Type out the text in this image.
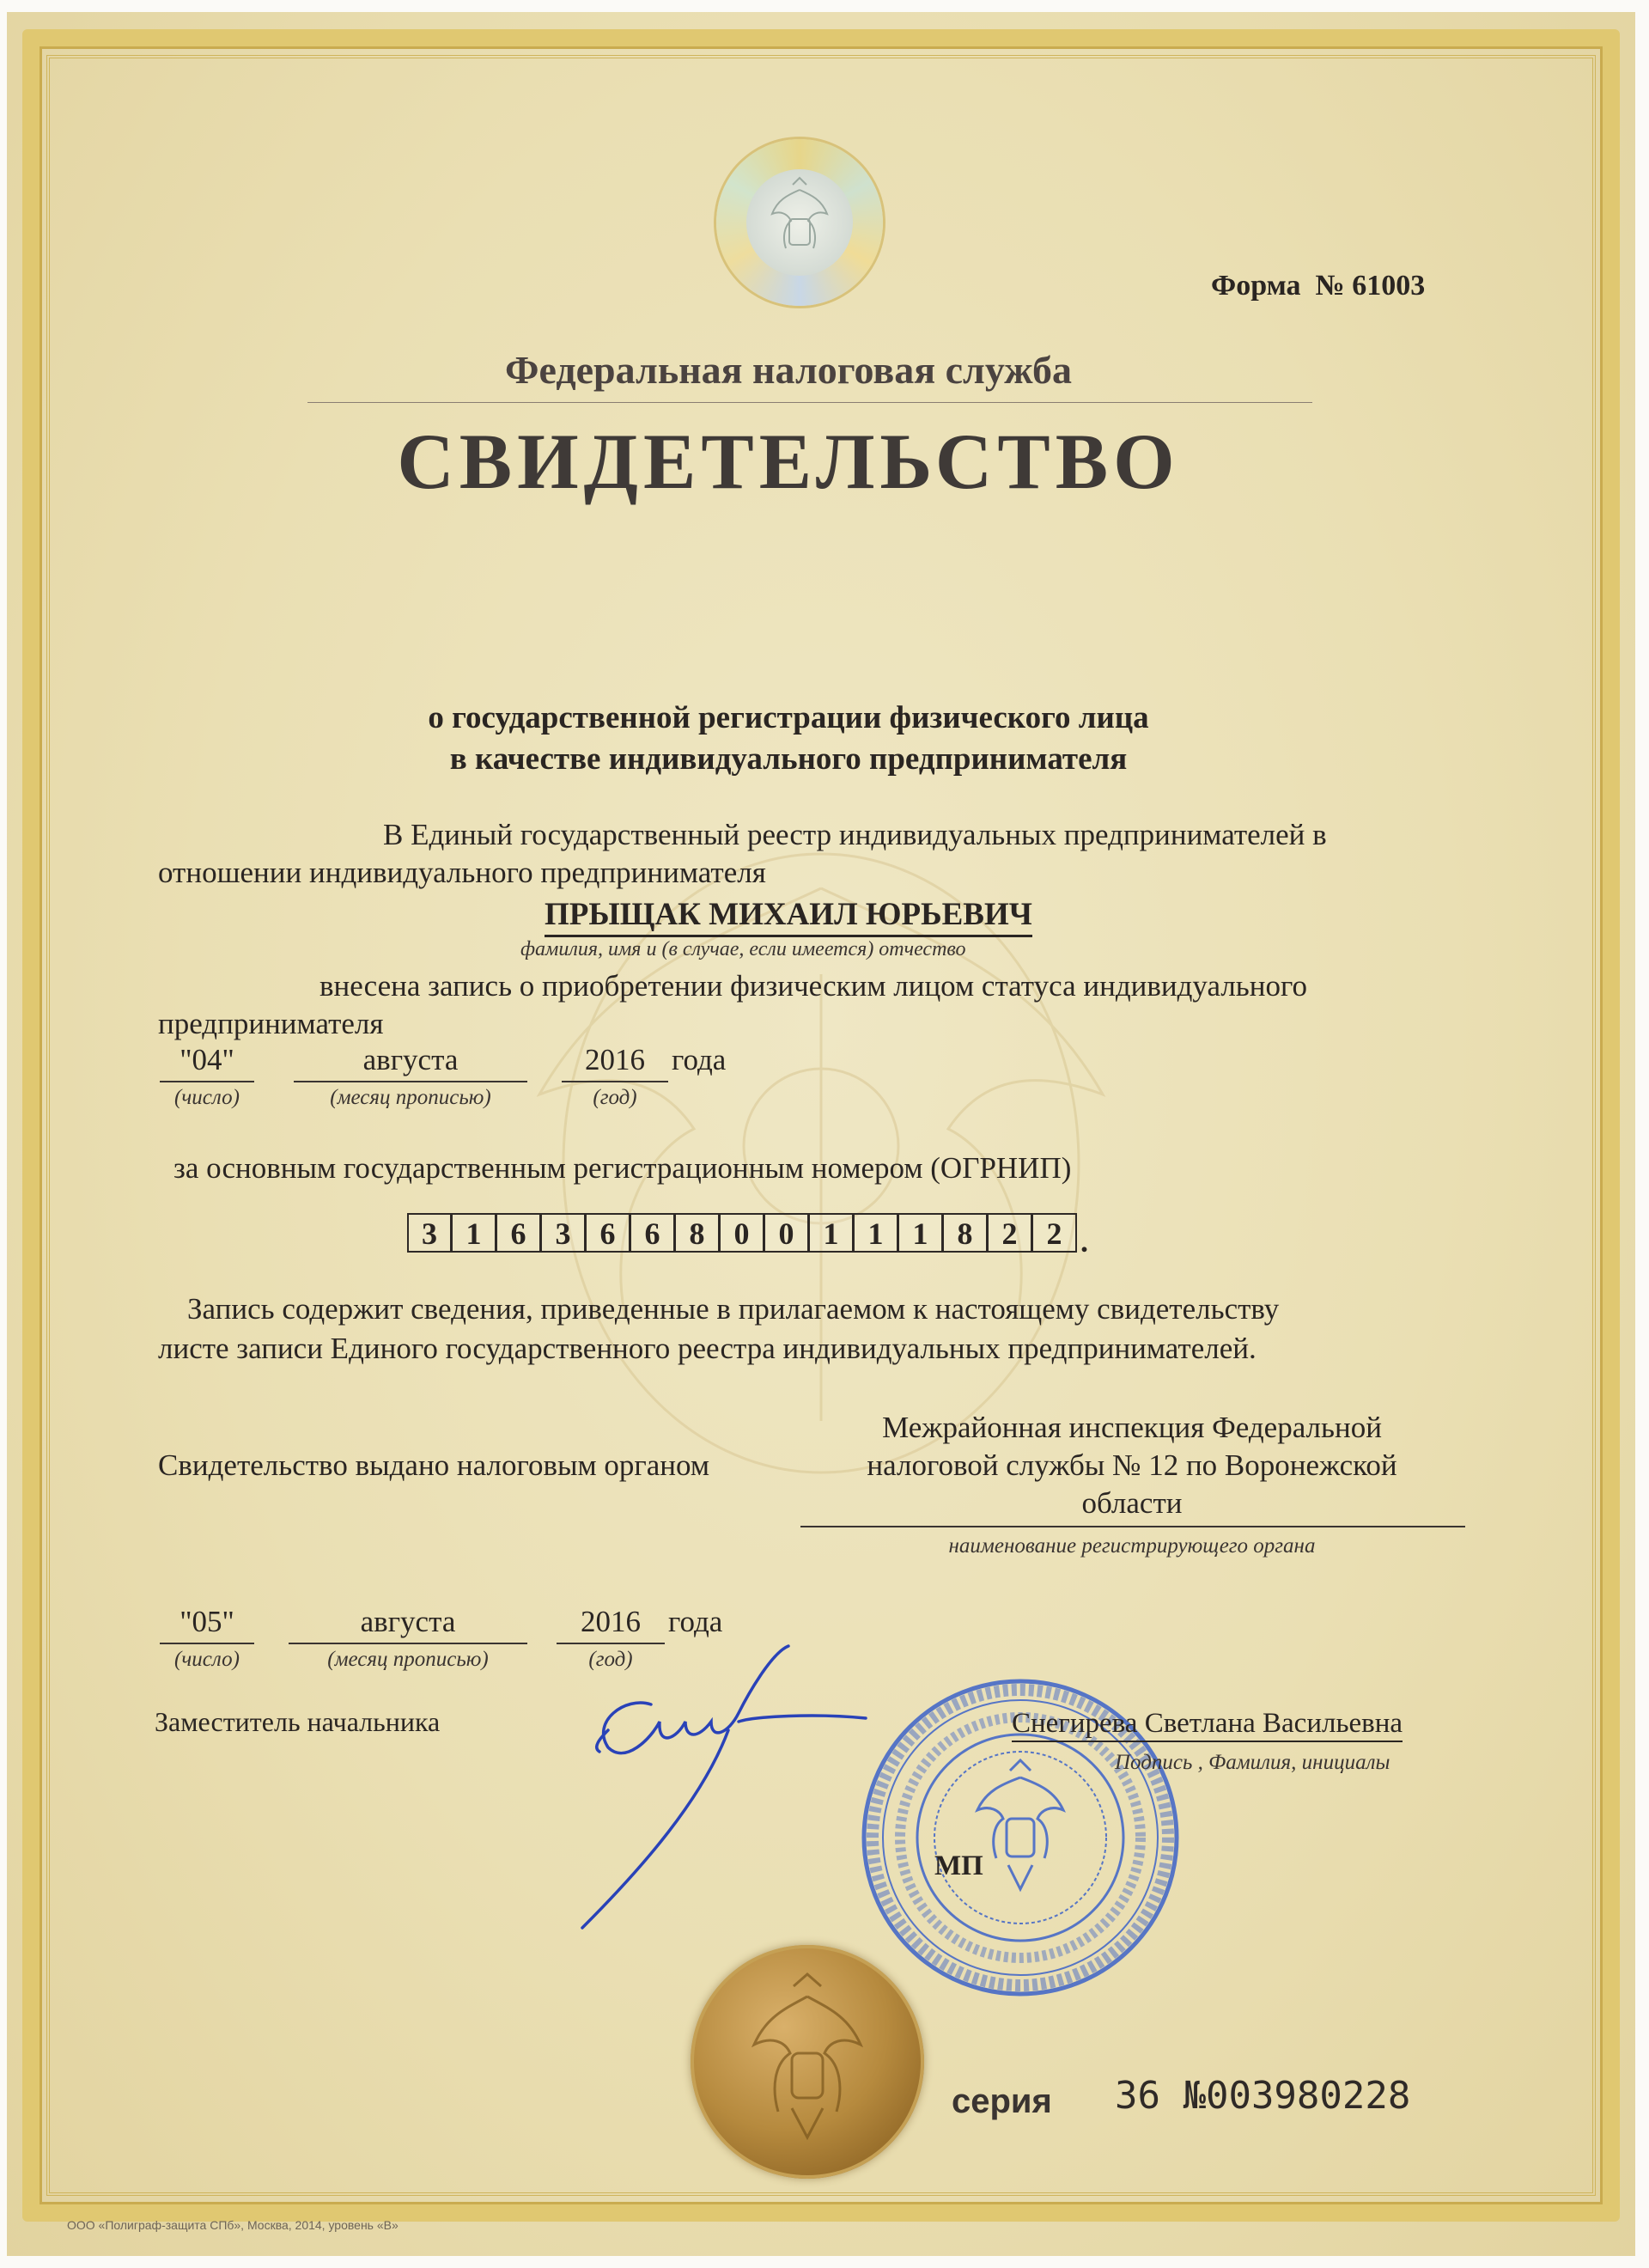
Форма № 61003
Федеральная налоговая служба
СВИДЕТЕЛЬСТВО
о государственной регистрации физического лица
в качестве индивидуального предпринимателя
В Единый государственный реестр индивидуальных предпринимателей в
отношении индивидуального предпринимателя
ПРЫЩАК МИХАИЛ ЮРЬЕВИЧ
фамилия, имя и (в случае, если имеется) отчество
внесена запись о приобретении физическим лицом статуса индивидуального
предпринимателя
"04"	августа	2016 года
(число)	(месяц прописью)	(год)
за основным государственным регистрационным номером (ОГРНИП)
3 1 6 3 6 6 8 0 0 1 1 1 8 2 2 .
Запись содержит сведения, приведенные в прилагаемом к настоящему свидетельству
листе записи Единого государственного реестра индивидуальных предпринимателей.
Свидетельство выдано налоговым органом
Межрайонная инспекция Федеральной
налоговой службы № 12 по Воронежской
области
наименование регистрирующего органа
"05"	августа	2016 года
(число)	(месяц прописью)	(год)
Заместитель начальника	Снегирева Светлана Васильевна
Подпись , Фамилия, инициалы
МП
серия 36 №003980228
ООО «Полиграф-защита СПб», Москва, 2014, уровень «В»
